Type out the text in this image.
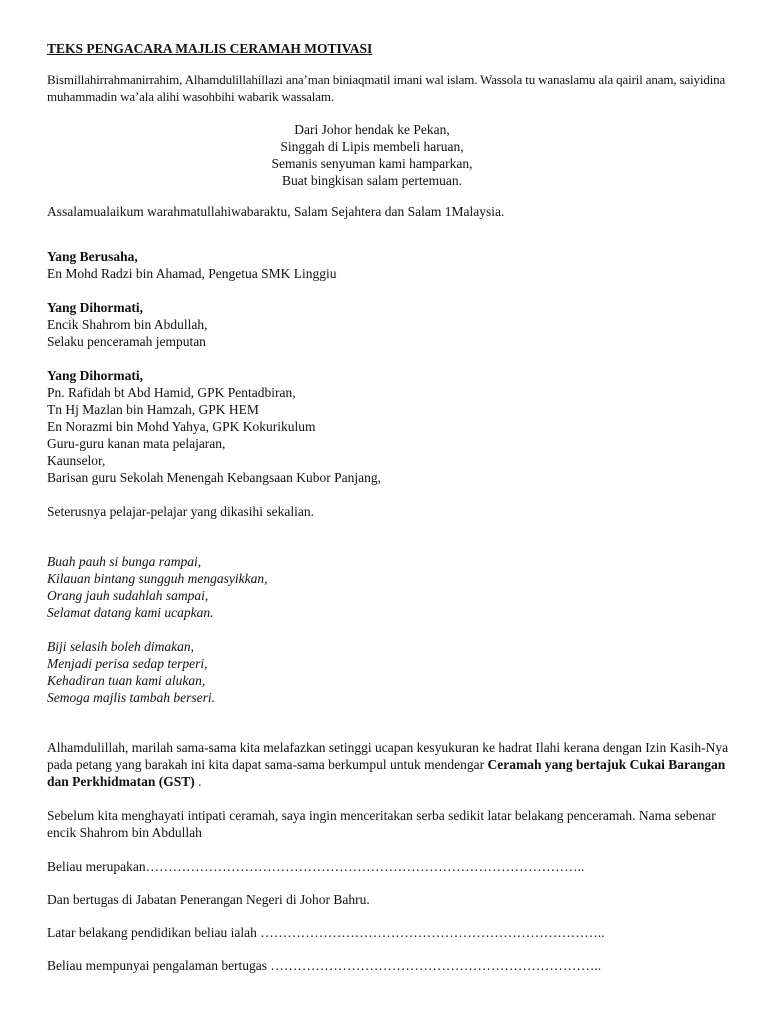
TEKS PENGACARA MAJLIS CERAMAH MOTIVASI
Bismillahirrahmanirrahim, Alhamdulillahillazi ana’man biniaqmatil imani wal islam. Wassola tu wanaslamu ala qairil anam, saiyidina muhammadin wa’ala alihi wasohbihi wabarik wassalam.
Dari Johor hendak ke Pekan,
Singgah di Lipis membeli haruan,
Semanis senyuman kami hamparkan,
Buat bingkisan salam pertemuan.
Assalamualaikum warahmatullahiwabaraktu, Salam Sejahtera dan Salam 1Malaysia.
Yang Berusaha,
En Mohd Radzi bin Ahamad, Pengetua SMK Linggiu
Yang Dihormati,
Encik Shahrom bin Abdullah,
Selaku penceramah jemputan
Yang Dihormati,
Pn. Rafidah bt Abd Hamid, GPK Pentadbiran,
Tn Hj Mazlan bin Hamzah, GPK HEM
En Norazmi bin Mohd Yahya, GPK Kokurikulum
Guru-guru kanan mata pelajaran,
Kaunselor,
Barisan guru Sekolah Menengah Kebangsaan Kubor Panjang,
Seterusnya pelajar-pelajar yang dikasihi sekalian.
Buah pauh si bunga rampai,
Kilauan bintang sungguh mengasyikkan,
Orang jauh sudahlah sampai,
Selamat datang kami ucapkan.
Biji selasih boleh dimakan,
Menjadi perisa sedap terperi,
Kehadiran tuan kami alukan,
Semoga majlis tambah berseri.
Alhamdulillah, marilah sama-sama kita melafazkan setinggi ucapan kesyukuran ke hadrat Ilahi kerana dengan Izin Kasih-Nya pada petang yang barakah ini kita dapat sama-sama berkumpul untuk mendengar Ceramah yang bertajuk Cukai Barangan dan Perkhidmatan (GST) .
Sebelum kita menghayati intipati ceramah, saya ingin menceritakan serba sedikit latar belakang penceramah. Nama sebenar encik Shahrom bin Abdullah
Beliau merupakan……………………………………………………………………………………..
Dan bertugas di Jabatan Penerangan Negeri di Johor Bahru.
Latar belakang pendidikan beliau ialah …………………………………………………………………..
Beliau mempunyai pengalaman bertugas ………………………………………………………………..
